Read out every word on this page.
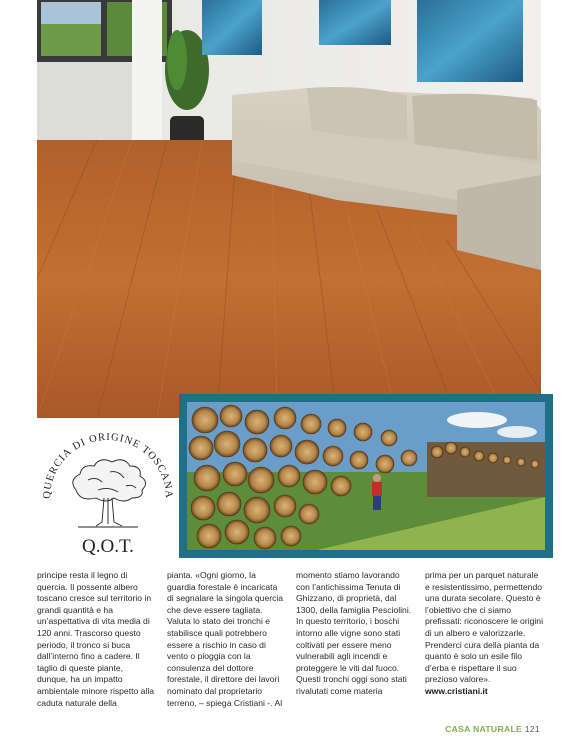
QUERCIA DI ORIGINE TOSCANA
Q.O.T.

principe resta il legno di quercia. Il possente albero toscano cresce sul territorio in grandi quantità e ha un’aspettativa di vita media di 120 anni. Trascorso questo periodo, il tronco si buca dall’interno fino a cadere. Il taglio di queste piante, dunque, ha un impatto ambientale minore rispetto alla caduta naturale della

pianta. «Ogni giorno, la guardia forestale è incaricata di segnalare la singola quercia che deve essere tagliata. Valuta lo stato dei tronchi e stabilisce quali potrebbero essere a rischio in caso di vento o pioggia con la consulenza del dottore forestale, il direttore dei lavori nominato dal proprietario terreno, – spiega Cristiani -. Al

momento stiamo lavorando con l’antichissima Tenuta di Ghizzano, di proprietà, dal 1300, della famiglia Pesciolini. In questo territorio, i boschi intorno alle vigne sono stati coltivati per essere meno vulnerabili agli incendi e proteggere le viti dal fuoco. Questi tronchi oggi sono stati rivalutati come materia

prima per un parquet naturale e resistentissimo, permettendo una durata secolare. Questo è l’obiettivo che ci siamo prefissati: riconoscere le origini di un albero e valorizzarle. Prenderci cura della pianta da quanto è solo un esile filo d’erba e rispettare il suo prezioso valore».

www.cristiani.it
CASA NATURALE 121
